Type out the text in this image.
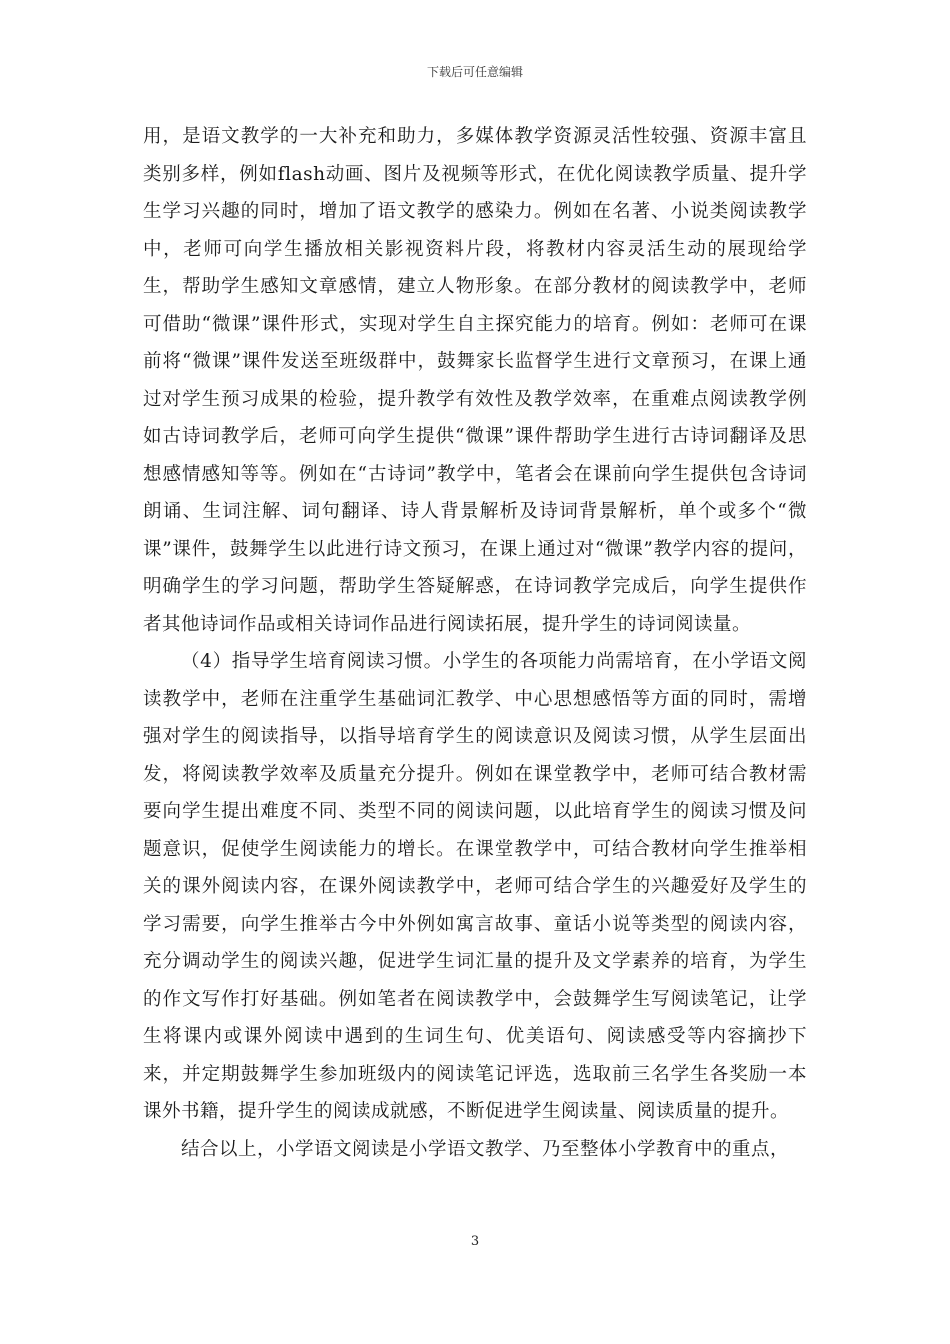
下载后可任意编辑

用，是语文教学的一大补充和助力，多媒体教学资源灵活性较强、资源丰富且类别多样，例如flash动画、图片及视频等形式，在优化阅读教学质量、提升学生学习兴趣的同时，增加了语文教学的感染力。例如在名著、小说类阅读教学中，老师可向学生播放相关影视资料片段，将教材内容灵活生动的展现给学生，帮助学生感知文章感情，建立人物形象。在部分教材的阅读教学中，老师可借助“微课”课件形式，实现对学生自主探究能力的培育。例如：老师可在课前将“微课”课件发送至班级群中，鼓舞家长监督学生进行文章预习，在课上通过对学生预习成果的检验，提升教学有效性及教学效率，在重难点阅读教学例如古诗词教学后，老师可向学生提供“微课”课件帮助学生进行古诗词翻译及思想感情感知等等。例如在“古诗词”教学中，笔者会在课前向学生提供包含诗词朗诵、生词注解、词句翻译、诗人背景解析及诗词背景解析，单个或多个“微课”课件，鼓舞学生以此进行诗文预习，在课上通过对“微课”教学内容的提问，明确学生的学习问题，帮助学生答疑解惑，在诗词教学完成后，向学生提供作者其他诗词作品或相关诗词作品进行阅读拓展，提升学生的诗词阅读量。

（4）指导学生培育阅读习惯。小学生的各项能力尚需培育，在小学语文阅读教学中，老师在注重学生基础词汇教学、中心思想感悟等方面的同时，需增强对学生的阅读指导，以指导培育学生的阅读意识及阅读习惯，从学生层面出发，将阅读教学效率及质量充分提升。例如在课堂教学中，老师可结合教材需要向学生提出难度不同、类型不同的阅读问题，以此培育学生的阅读习惯及问题意识，促使学生阅读能力的增长。在课堂教学中，可结合教材向学生推举相关的课外阅读内容，在课外阅读教学中，老师可结合学生的兴趣爱好及学生的学习需要，向学生推举古今中外例如寓言故事、童话小说等类型的阅读内容，充分调动学生的阅读兴趣，促进学生词汇量的提升及文学素养的培育，为学生的作文写作打好基础。例如笔者在阅读教学中，会鼓舞学生写阅读笔记，让学生将课内或课外阅读中遇到的生词生句、优美语句、阅读感受等内容摘抄下来，并定期鼓舞学生参加班级内的阅读笔记评选，选取前三名学生各奖励一本课外书籍，提升学生的阅读成就感，不断促进学生阅读量、阅读质量的提升。

结合以上，小学语文阅读是小学语文教学、乃至整体小学教育中的重点，

3
